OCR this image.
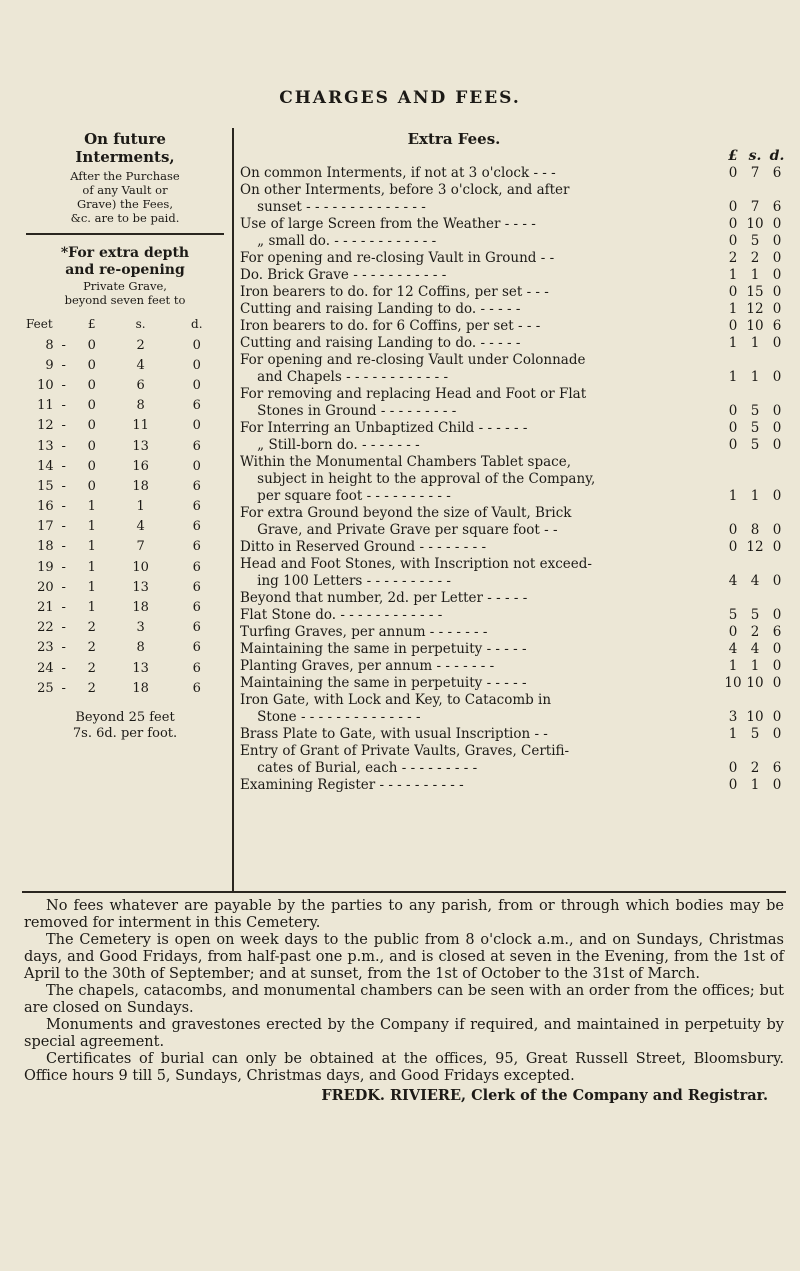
CHARGES AND FEES.
On future
Interments,
After the Purchase
of any Vault or
Grave) the Fees,
&c. are to be paid.
*For extra depth
and re-opening
Private Grave,
beyond seven feet to
Feet		£	s.	d.
8	-	0	2	0
9	-	0	4	0
10	-	0	6	0
11	-	0	8	6
12	-	0	11	0
13	-	0	13	6
14	-	0	16	0
15	-	0	18	6
16	-	1	1	6
17	-	1	4	6
18	-	1	7	6
19	-	1	10	6
20	-	1	13	6
21	-	1	18	6
22	-	2	3	6
23	-	2	8	6
24	-	2	13	6
25	-	2	18	6
Beyond 25 feet
7s. 6d. per foot.
Extra Fees.
£ s. d.
On common Interments, if not at 3 o'clock - - -	0 7 6
On other Interments, before 3 o'clock, and after
sunset - - - - - - - - - - - - - -	0 7 6
Use of large Screen from the Weather - - - -	0 10 0
„ small do. - - - - - - - - - - - -	0 5 0
For opening and re-closing Vault in Ground - -	2 2 0
Do. Brick Grave - - - - - - - - - - -	1 1 0
Iron bearers to do. for 12 Coffins, per set - - -	0 15 0
Cutting and raising Landing to do. - - - - -	1 12 0
Iron bearers to do. for 6 Coffins, per set - - -	0 10 6
Cutting and raising Landing to do. - - - - -	1 1 0
For opening and re-closing Vault under Colonnade
and Chapels - - - - - - - - - - - -	1 1 0
For removing and replacing Head and Foot or Flat
Stones in Ground - - - - - - - - -	0 5 0
For Interring an Unbaptized Child - - - - - -	0 5 0
„ Still-born do. - - - - - - -	0 5 0
Within the Monumental Chambers Tablet space,
subject in height to the approval of the Company,
per square foot - - - - - - - - - -	1 1 0
For extra Ground beyond the size of Vault, Brick
Grave, and Private Grave per square foot - -	0 8 0
Ditto in Reserved Ground - - - - - - - -	0 12 0
Head and Foot Stones, with Inscription not exceed-
ing 100 Letters - - - - - - - - - -	4 4 0
Beyond that number, 2d. per Letter - - - - -
Flat Stone do. - - - - - - - - - - - -	5 5 0
Turfing Graves, per annum - - - - - - -	0 2 6
Maintaining the same in perpetuity - - - - -	4 4 0
Planting Graves, per annum - - - - - - -	1 1 0
Maintaining the same in perpetuity - - - - -	10 10 0
Iron Gate, with Lock and Key, to Catacomb in
Stone - - - - - - - - - - - - - -	3 10 0
Brass Plate to Gate, with usual Inscription - -	1 5 0
Entry of Grant of Private Vaults, Graves, Certifi-
cates of Burial, each - - - - - - - - -	0 2 6
Examining Register - - - - - - - - - -	0 1 0

No fees whatever are payable by the parties to any parish, from or through which bodies may be removed for interment in this Cemetery.

The Cemetery is open on week days to the public from 8 o'clock a.m., and on Sundays, Christmas days, and Good Fridays, from half-past one p.m., and is closed at seven in the Evening, from the 1st of April to the 30th of September; and at sunset, from the 1st of October to the 31st of March.

The chapels, catacombs, and monumental chambers can be seen with an order from the offices; but are closed on Sundays.

Monuments and gravestones erected by the Company if required, and maintained in perpetuity by special agreement.

Certificates of burial can only be obtained at the offices, 95, Great Russell Street, Bloomsbury. Office hours 9 till 5, Sundays, Christmas days, and Good Fridays excepted.

FREDK. RIVIERE, Clerk of the Company and Registrar.
